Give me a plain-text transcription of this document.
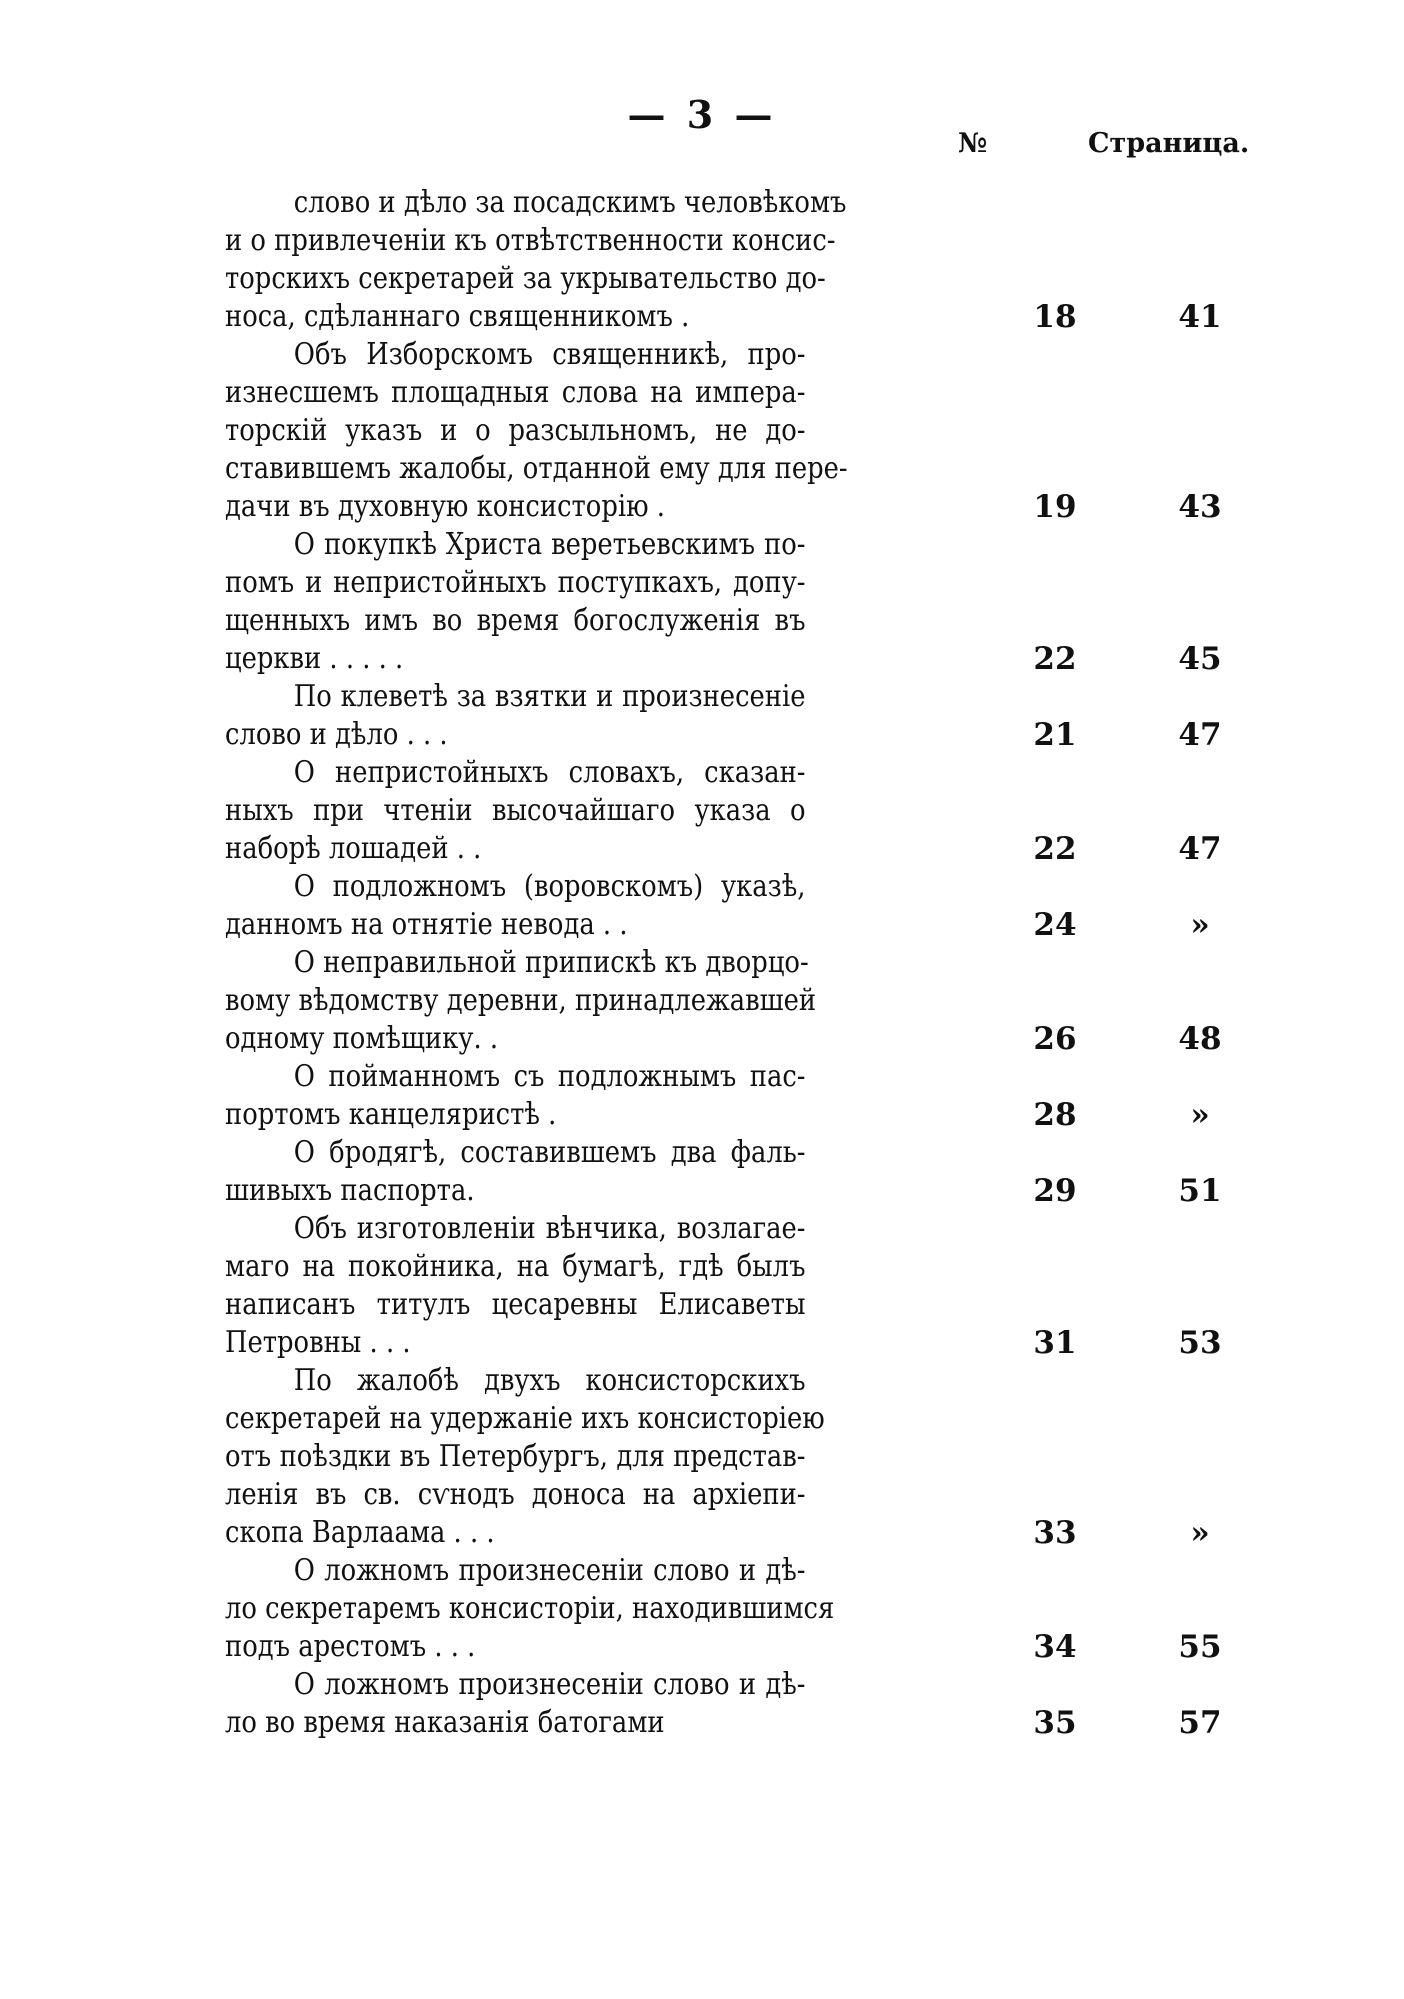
— 3 —
№	Страница.
слово и дѣло за посадскимъ человѣкомъ
и о привлеченіи къ отвѣтственности консис-
торскихъ секретарей за укрывательство до-
носа, сдѣланнаго священникомъ .	18	41
Объ Изборскомъ священникѣ, про-
изнесшемъ площадныя слова на импера-
торскій указъ и о разсыльномъ, не до-
ставившемъ жалобы, отданной ему для пере-
дачи въ духовную консисторію .	19	43
О покупкѣ Христа веретьевскимъ по-
помъ и непристойныхъ поступкахъ, допу-
щенныхъ имъ во время богослуженія въ
церкви . . . . .	22	45
По клеветѣ за взятки и произнесеніе
слово и дѣло . . .	21	47
О непристойныхъ словахъ, сказан-
ныхъ при чтеніи высочайшаго указа о
наборѣ лошадей . .	22	47
О подложномъ (воровскомъ) указѣ,
данномъ на отнятіе невода . .	24	»
О неправильной припискѣ къ дворцо-
вому вѣдомству деревни, принадлежавшей
одному помѣщику. .	26	48
О пойманномъ съ подложнымъ пас-
портомъ канцеляристѣ .	28	»
О бродягѣ, составившемъ два фаль-
шивыхъ паспорта.	29	51
Объ изготовленіи вѣнчика, возлагае-
маго на покойника, на бумагѣ, гдѣ былъ
написанъ титулъ цесаревны Елисаветы
Петровны . . .	31	53
По жалобѣ двухъ консисторскихъ
секретарей на удержаніе ихъ консисторіею
отъ поѣздки въ Петербургъ, для представ-
ленія въ св. сѵнодъ доноса на архіепи-
скопа Варлаама . . .	33	»
О ложномъ произнесеніи слово и дѣ-
ло секретаремъ консисторіи, находившимся
подъ арестомъ . . .	34	55
О ложномъ произнесеніи слово и дѣ-
ло во время наказанія батогами	35	57
